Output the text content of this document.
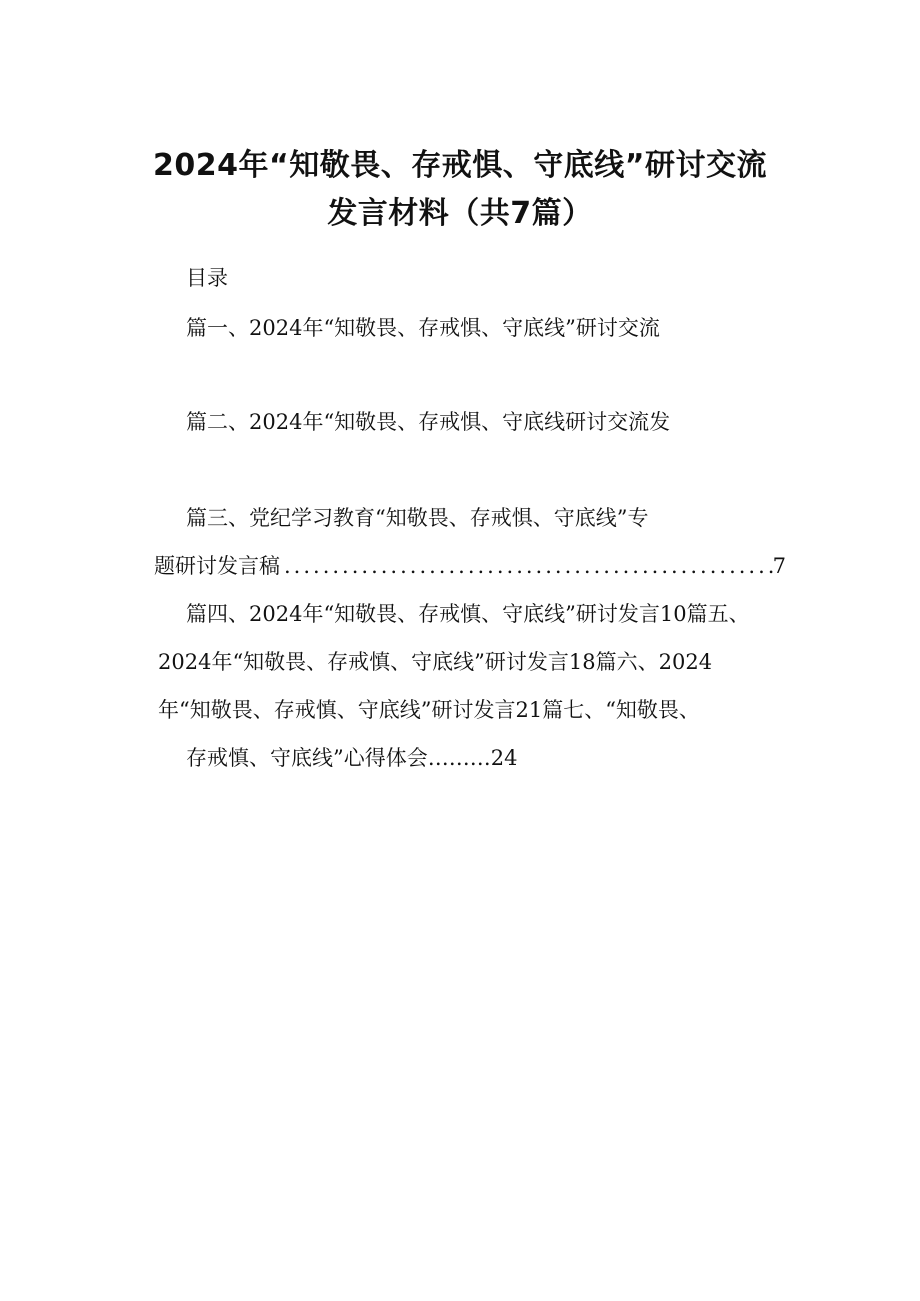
2024年“知敬畏、存戒惧、守底线”研讨交流
发言材料（共7篇）
目录
篇一、2024年“知敬畏、存戒惧、守底线”研讨交流
篇二、2024年“知敬畏、存戒惧、守底线研讨交流发
篇三、党纪学习教育“知敬畏、存戒惧、守底线”专
题研讨发言稿
.....	7
篇四、2024年“知敬畏、存戒慎、守底线”研讨发言10篇五、
2024年“知敬畏、存戒慎、守底线”研讨发言18篇六、2024
年“知敬畏、存戒慎、守底线”研讨发言21篇七、“知敬畏、
存戒慎、守底线”心得体会………24
